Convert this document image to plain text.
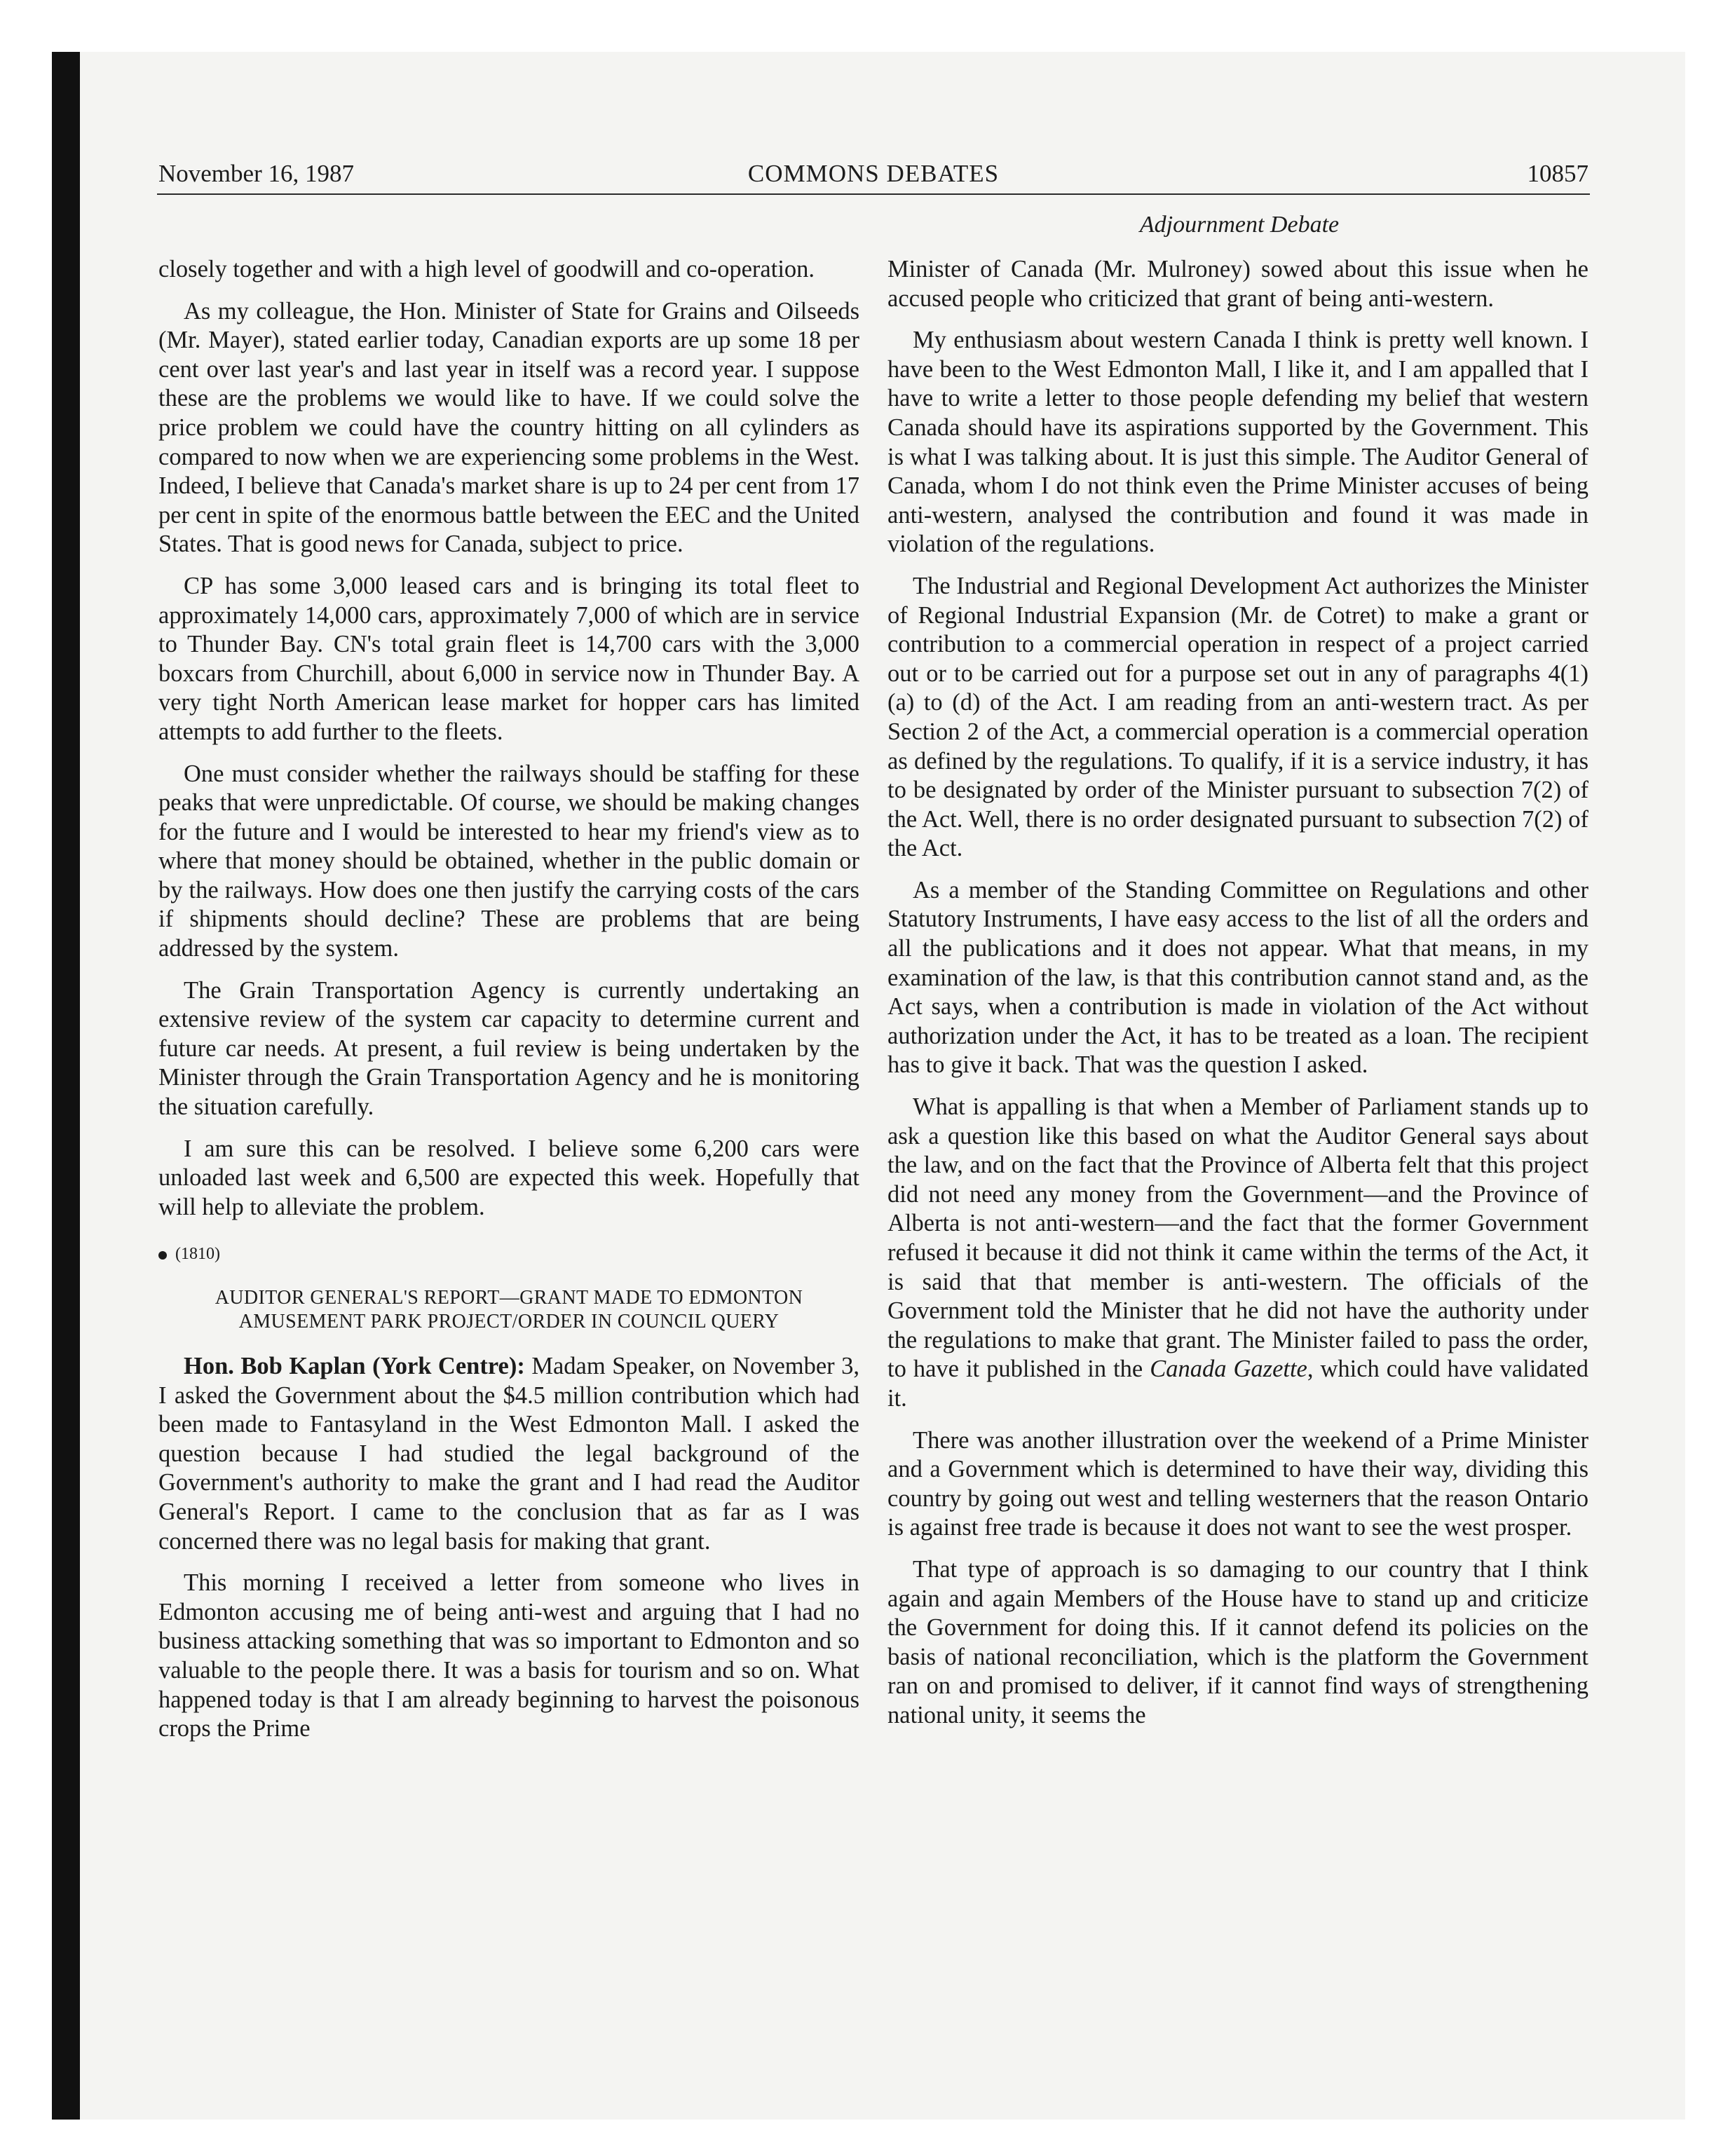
November 16, 1987	COMMONS DEBATES	10857
Adjournment Debate

closely together and with a high level of goodwill and co-operation.

As my colleague, the Hon. Minister of State for Grains and Oilseeds (Mr. Mayer), stated earlier today, Canadian exports are up some 18 per cent over last year's and last year in itself was a record year. I suppose these are the problems we would like to have. If we could solve the price problem we could have the country hitting on all cylinders as compared to now when we are experiencing some problems in the West. Indeed, I believe that Canada's market share is up to 24 per cent from 17 per cent in spite of the enormous battle between the EEC and the United States. That is good news for Canada, subject to price.

CP has some 3,000 leased cars and is bringing its total fleet to approximately 14,000 cars, approximately 7,000 of which are in service to Thunder Bay. CN's total grain fleet is 14,700 cars with the 3,000 boxcars from Churchill, about 6,000 in service now in Thunder Bay. A very tight North American lease market for hopper cars has limited attempts to add further to the fleets.

One must consider whether the railways should be staffing for these peaks that were unpredictable. Of course, we should be making changes for the future and I would be interested to hear my friend's view as to where that money should be obtained, whether in the public domain or by the railways. How does one then justify the carrying costs of the cars if shipments should decline? These are problems that are being addressed by the system.

The Grain Transportation Agency is currently undertaking an extensive review of the system car capacity to determine current and future car needs. At present, a fuil review is being undertaken by the Minister through the Grain Transportation Agency and he is monitoring the situation carefully.

I am sure this can be resolved. I believe some 6,200 cars were unloaded last week and 6,500 are expected this week. Hopefully that will help to alleviate the problem.

(1810)
AUDITOR GENERAL'S REPORT—GRANT MADE TO EDMONTON AMUSEMENT PARK PROJECT/ORDER IN COUNCIL QUERY

Hon. Bob Kaplan (York Centre): Madam Speaker, on November 3, I asked the Government about the $4.5 million contribution which had been made to Fantasyland in the West Edmonton Mall. I asked the question because I had studied the legal background of the Government's authority to make the grant and I had read the Auditor General's Report. I came to the conclusion that as far as I was concerned there was no legal basis for making that grant.

This morning I received a letter from someone who lives in Edmonton accusing me of being anti-west and arguing that I had no business attacking something that was so important to Edmonton and so valuable to the people there. It was a basis for tourism and so on. What happened today is that I am already beginning to harvest the poisonous crops the Prime

Minister of Canada (Mr. Mulroney) sowed about this issue when he accused people who criticized that grant of being anti-western.

My enthusiasm about western Canada I think is pretty well known. I have been to the West Edmonton Mall, I like it, and I am appalled that I have to write a letter to those people defending my belief that western Canada should have its aspirations supported by the Government. This is what I was talking about. It is just this simple. The Auditor General of Canada, whom I do not think even the Prime Minister accuses of being anti-western, analysed the contribution and found it was made in violation of the regulations.

The Industrial and Regional Development Act authorizes the Minister of Regional Industrial Expansion (Mr. de Cotret) to make a grant or contribution to a commercial operation in respect of a project carried out or to be carried out for a purpose set out in any of paragraphs 4(1)(a) to (d) of the Act. I am reading from an anti-western tract. As per Section 2 of the Act, a commercial operation is a commercial operation as defined by the regulations. To qualify, if it is a service industry, it has to be designated by order of the Minister pursuant to subsection 7(2) of the Act. Well, there is no order designated pursuant to subsection 7(2) of the Act.

As a member of the Standing Committee on Regulations and other Statutory Instruments, I have easy access to the list of all the orders and all the publications and it does not appear. What that means, in my examination of the law, is that this contribution cannot stand and, as the Act says, when a contribution is made in violation of the Act without authorization under the Act, it has to be treated as a loan. The recipient has to give it back. That was the question I asked.

What is appalling is that when a Member of Parliament stands up to ask a question like this based on what the Auditor General says about the law, and on the fact that the Province of Alberta felt that this project did not need any money from the Government—and the Province of Alberta is not anti-western—and the fact that the former Government refused it because it did not think it came within the terms of the Act, it is said that that member is anti-western. The officials of the Government told the Minister that he did not have the authority under the regulations to make that grant. The Minister failed to pass the order, to have it published in the Canada Gazette, which could have validated it.

There was another illustration over the weekend of a Prime Minister and a Government which is determined to have their way, dividing this country by going out west and telling westerners that the reason Ontario is against free trade is because it does not want to see the west prosper.

That type of approach is so damaging to our country that I think again and again Members of the House have to stand up and criticize the Government for doing this. If it cannot defend its policies on the basis of national reconciliation, which is the platform the Government ran on and promised to deliver, if it cannot find ways of strengthening national unity, it seems the
